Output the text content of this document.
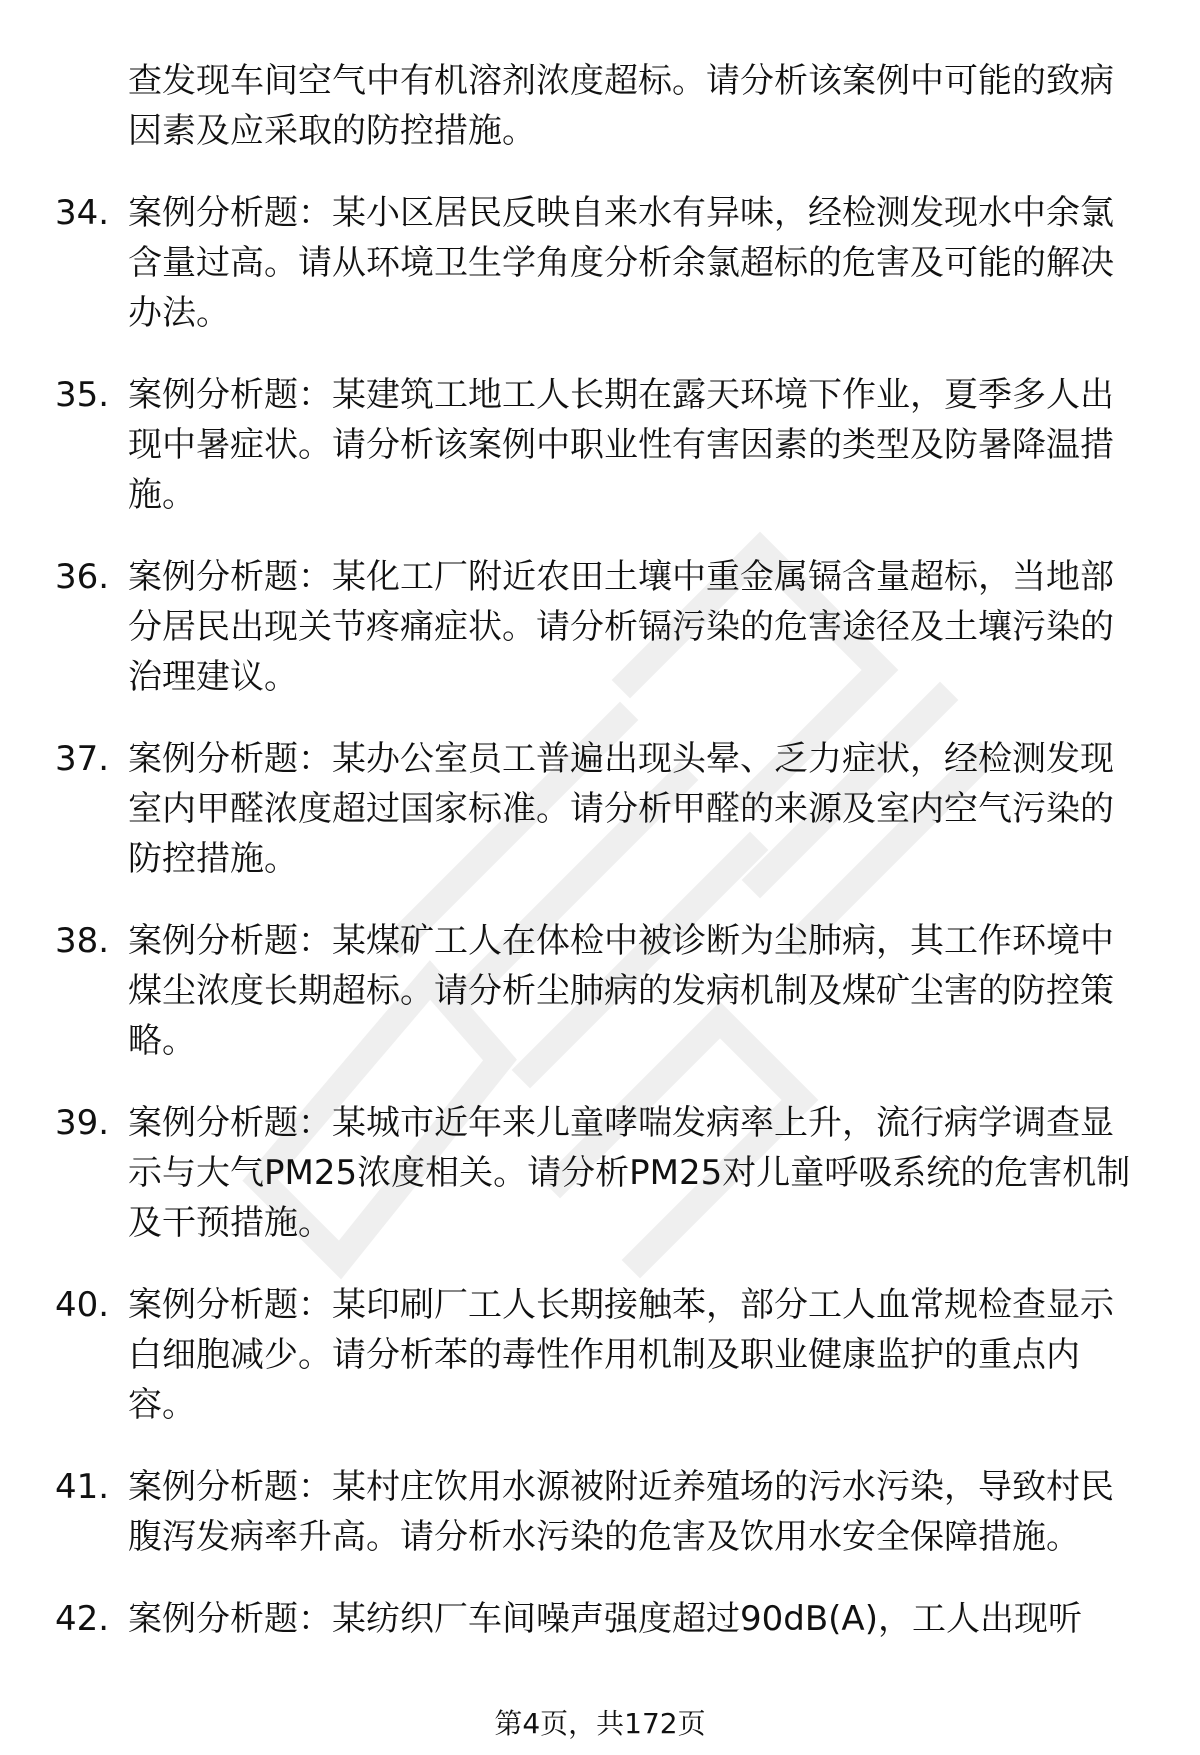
查发现车间空气中有机溶剂浓度超标。请分析该案例中可能的致病因素及应采取的防控措施。
34. 案例分析题：某小区居民反映自来水有异味，经检测发现水中余氯含量过高。请从环境卫生学角度分析余氯超标的危害及可能的解决办法。
35. 案例分析题：某建筑工地工人长期在露天环境下作业，夏季多人出现中暑症状。请分析该案例中职业性有害因素的类型及防暑降温措施。
36. 案例分析题：某化工厂附近农田土壤中重金属镉含量超标，当地部分居民出现关节疼痛症状。请分析镉污染的危害途径及土壤污染的治理建议。
37. 案例分析题：某办公室员工普遍出现头晕、乏力症状，经检测发现室内甲醛浓度超过国家标准。请分析甲醛的来源及室内空气污染的防控措施。
38. 案例分析题：某煤矿工人在体检中被诊断为尘肺病，其工作环境中煤尘浓度长期超标。请分析尘肺病的发病机制及煤矿尘害的防控策略。
39. 案例分析题：某城市近年来儿童哮喘发病率上升，流行病学调查显示与大气PM25浓度相关。请分析PM25对儿童呼吸系统的危害机制及干预措施。
40. 案例分析题：某印刷厂工人长期接触苯，部分工人血常规检查显示白细胞减少。请分析苯的毒性作用机制及职业健康监护的重点内容。
41. 案例分析题：某村庄饮用水源被附近养殖场的污水污染，导致村民腹泻发病率升高。请分析水污染的危害及饮用水安全保障措施。
42. 案例分析题：某纺织厂车间噪声强度超过90dB(A)，工人出现听
第4页，共172页
